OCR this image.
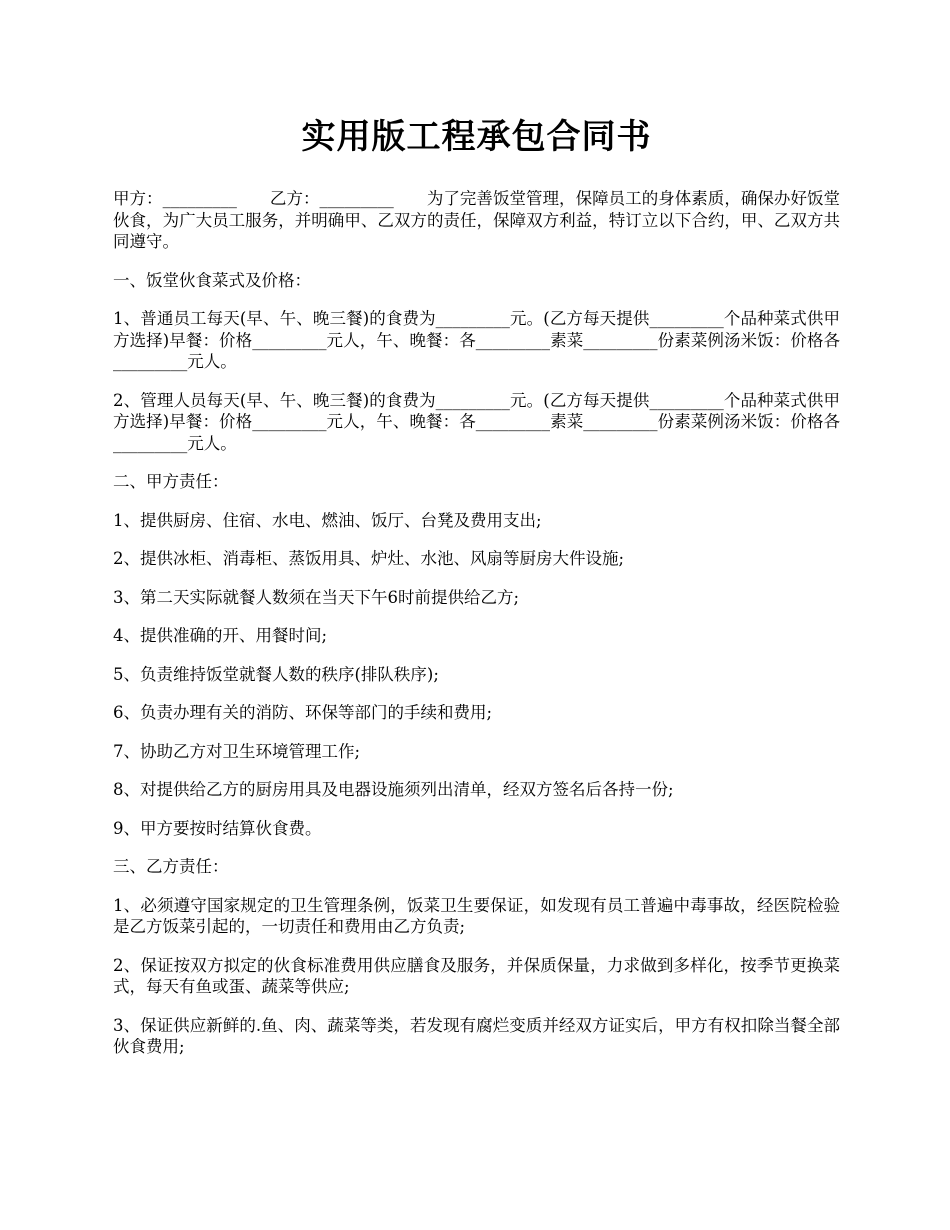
实用版工程承包合同书

甲方：_________　　乙方：_________　　为了完善饭堂管理，保障员工的身体素质，确保办好饭堂伙食，为广大员工服务，并明确甲、乙双方的责任，保障双方利益，特订立以下合约，甲、乙双方共同遵守。

一、饭堂伙食菜式及价格：

1、普通员工每天(早、午、晚三餐)的食费为_________元。(乙方每天提供_________个品种菜式供甲方选择)早餐：价格_________元人，午、晚餐：各_________素菜_________份素菜例汤米饭：价格各_________元人。

2、管理人员每天(早、午、晚三餐)的食费为_________元。(乙方每天提供_________个品种菜式供甲方选择)早餐：价格_________元人，午、晚餐：各_________素菜_________份素菜例汤米饭：价格各_________元人。

二、甲方责任：

1、提供厨房、住宿、水电、燃油、饭厅、台凳及费用支出;

2、提供冰柜、消毒柜、蒸饭用具、炉灶、水池、风扇等厨房大件设施;

3、第二天实际就餐人数须在当天下午6时前提供给乙方;

4、提供准确的开、用餐时间;

5、负责维持饭堂就餐人数的秩序(排队秩序);

6、负责办理有关的消防、环保等部门的手续和费用;

7、协助乙方对卫生环境管理工作;

8、对提供给乙方的厨房用具及电器设施须列出清单，经双方签名后各持一份;

9、甲方要按时结算伙食费。

三、乙方责任：

1、必须遵守国家规定的卫生管理条例，饭菜卫生要保证，如发现有员工普遍中毒事故，经医院检验是乙方饭菜引起的，一切责任和费用由乙方负责;

2、保证按双方拟定的伙食标准费用供应膳食及服务，并保质保量，力求做到多样化，按季节更换菜式，每天有鱼或蛋、蔬菜等供应;

3、保证供应新鲜的.鱼、肉、蔬菜等类，若发现有腐烂变质并经双方证实后，甲方有权扣除当餐全部伙食费用;
